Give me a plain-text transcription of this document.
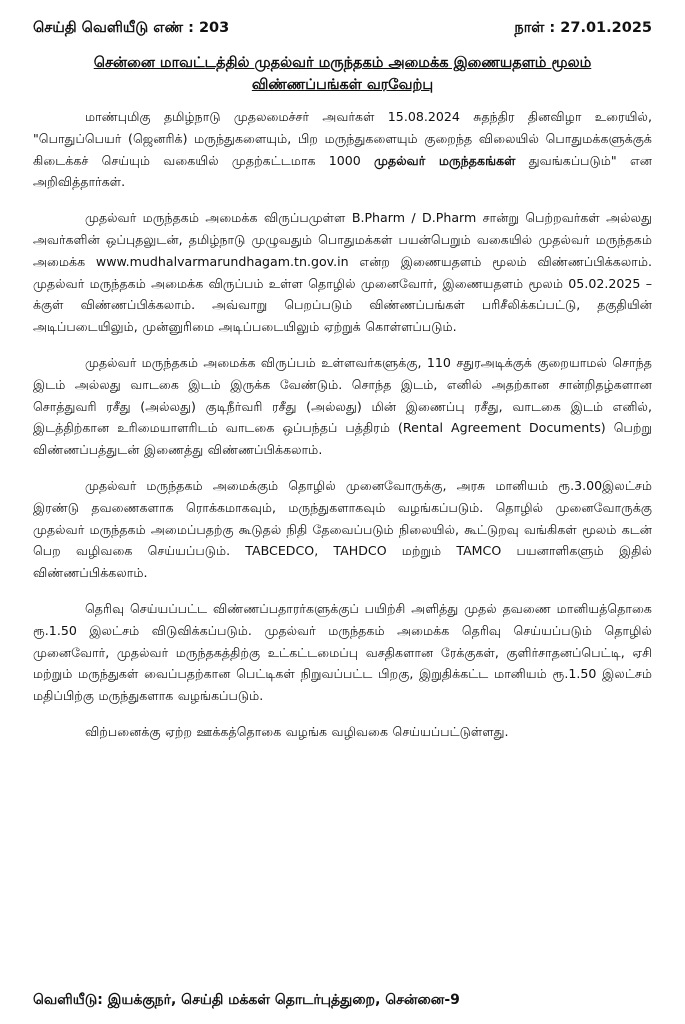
செய்தி வெளியீடு எண் : 203	நாள் : 27.01.2025
சென்னை மாவட்டத்தில் முதல்வர் மருந்தகம் அமைக்க இணையதளம் மூலம்
விண்ணப்பங்கள் வரவேற்பு

மாண்புமிகு தமிழ்நாடு முதலமைச்சர் அவர்கள் 15.08.2024 சுதந்திர தினவிழா உரையில், "பொதுப்பெயர் (ஜெனரிக்) மருந்துகளையும், பிற மருந்துகளையும் குறைந்த விலையில் பொதுமக்களுக்குக் கிடைக்கச் செய்யும் வகையில் முதற்கட்டமாக 1000 முதல்வர் மருந்தகங்கள் துவங்கப்படும்" என அறிவித்தார்கள்.

முதல்வர் மருந்தகம் அமைக்க விருப்பமுள்ள B.Pharm / D.Pharm சான்று பெற்றவர்கள் அல்லது அவர்களின் ஒப்புதலுடன், தமிழ்நாடு முழுவதும் பொதுமக்கள் பயன்பெறும் வகையில் முதல்வர் மருந்தகம் அமைக்க www.mudhalvarmarundhagam.tn.gov.in என்ற இணையதளம் மூலம் விண்ணப்பிக்கலாம். முதல்வர் மருந்தகம் அமைக்க விருப்பம் உள்ள தொழில் முனைவோர், இணையதளம் மூலம் 05.02.2025 –க்குள் விண்ணப்பிக்கலாம். அவ்வாறு பெறப்படும் விண்ணப்பங்கள் பரிசீலிக்கப்பட்டு, தகுதியின் அடிப்படையிலும், முன்னுரிமை அடிப்படையிலும் ஏற்றுக் கொள்ளப்படும்.

முதல்வர் மருந்தகம் அமைக்க விருப்பம் உள்ளவர்களுக்கு, 110 சதுரஅடிக்குக் குறையாமல் சொந்த இடம் அல்லது வாடகை இடம் இருக்க வேண்டும். சொந்த இடம், எனில் அதற்கான சான்றிதழ்களான சொத்துவரி ரசீது (அல்லது) குடிநீர்வரி ரசீது (அல்லது) மின் இணைப்பு ரசீது, வாடகை இடம் எனில், இடத்திற்கான உரிமையாளரிடம் வாடகை ஒப்பந்தப் பத்திரம் (Rental Agreement Documents) பெற்று விண்ணப்பத்துடன் இணைத்து விண்ணப்பிக்கலாம்.

முதல்வர் மருந்தகம் அமைக்கும் தொழில் முனைவோருக்கு, அரசு மானியம் ரூ.3.00இலட்சம் இரண்டு தவணைகளாக ரொக்கமாகவும், மருந்துகளாகவும் வழங்கப்படும். தொழில் முனைவோருக்கு முதல்வர் மருந்தகம் அமைப்பதற்கு கூடுதல் நிதி தேவைப்படும் நிலையில், கூட்டுறவு வங்கிகள் மூலம் கடன் பெற வழிவகை செய்யப்படும். TABCEDCO, TAHDCO மற்றும் TAMCO பயனாளிகளும் இதில் விண்ணப்பிக்கலாம்.

தெரிவு செய்யப்பட்ட விண்ணப்பதாரர்களுக்குப் பயிற்சி அளித்து முதல் தவணை மானியத்தொகை ரூ.1.50 இலட்சம் விடுவிக்கப்படும். முதல்வர் மருந்தகம் அமைக்க தெரிவு செய்யப்படும் தொழில் முனைவோர், முதல்வர் மருந்தகத்திற்கு உட்கட்டமைப்பு வசதிகளான ரேக்குகள், குளிர்சாதனப்பெட்டி, ஏசி மற்றும் மருந்துகள் வைப்பதற்கான பெட்டிகள் நிறுவப்பட்ட பிறகு, இறுதிக்கட்ட மானியம் ரூ.1.50 இலட்சம் மதிப்பிற்கு மருந்துகளாக வழங்கப்படும்.

விற்பனைக்கு ஏற்ற ஊக்கத்தொகை வழங்க வழிவகை செய்யப்பட்டுள்ளது.

வெளியீடு: இயக்குநர், செய்தி மக்கள் தொடர்புத்துறை, சென்னை-9
